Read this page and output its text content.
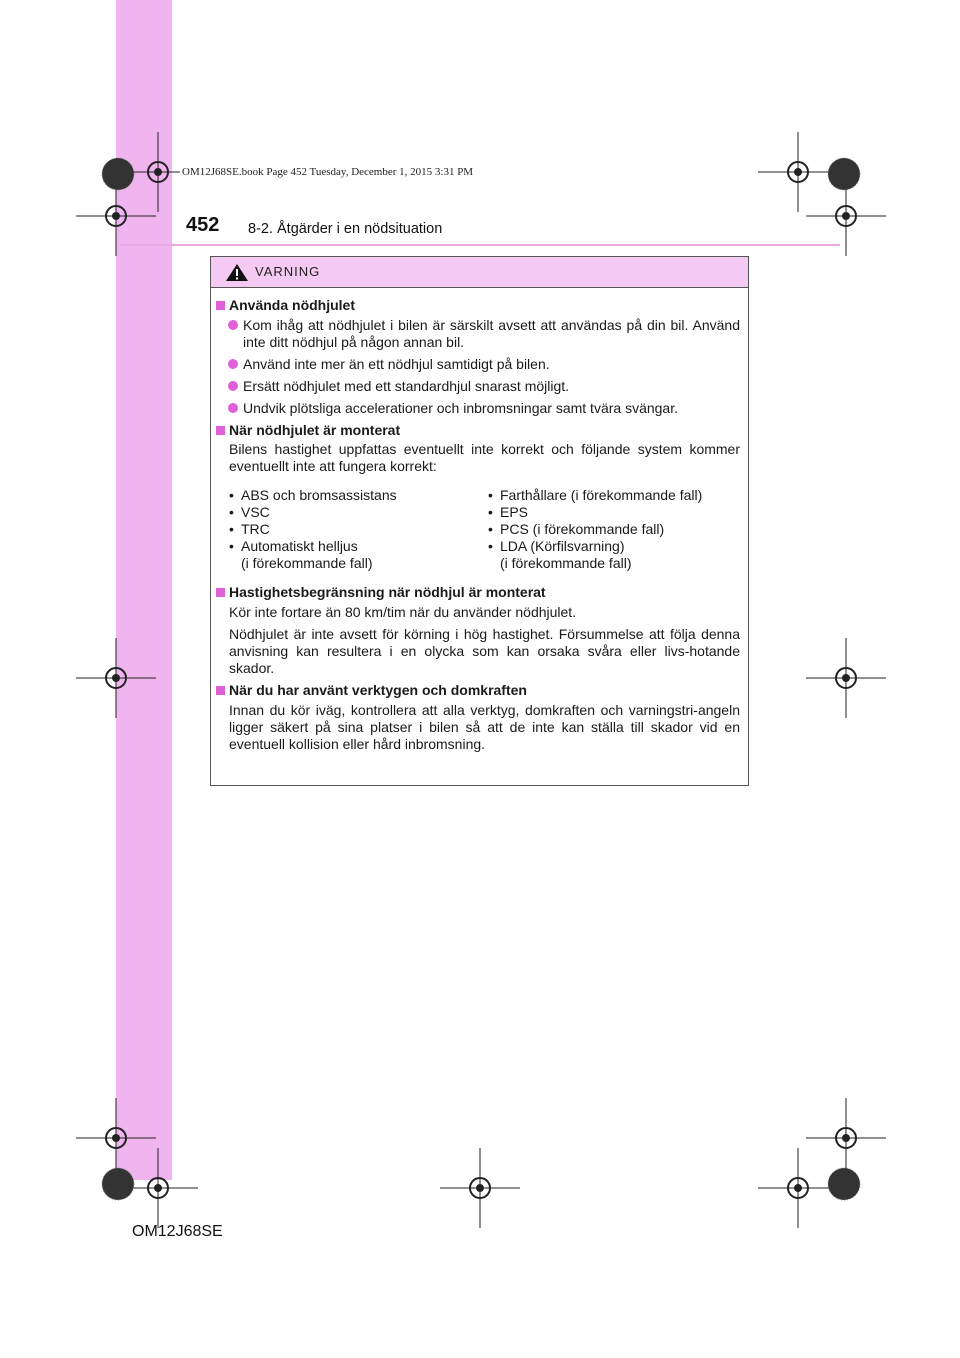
OM12J68SE.book Page 452 Tuesday, December 1, 2015 3:31 PM
452 8-2. Åtgärder i en nödsituation
VARNING
Använda nödhjulet
Kom ihåg att nödhjulet i bilen är särskilt avsett att användas på din bil. Använd inte ditt nödhjul på någon annan bil.
Använd inte mer än ett nödhjul samtidigt på bilen.
Ersätt nödhjulet med ett standardhjul snarast möjligt.
Undvik plötsliga accelerationer och inbromsningar samt tvära svängar.
När nödhjulet är monterat
Bilens hastighet uppfattas eventuellt inte korrekt och följande system kommer eventuellt inte att fungera korrekt:
• ABS och bromsassistans
• VSC
• TRC
• Automatiskt helljus
(i förekommande fall)
• Farthållare (i förekommande fall)
• EPS
• PCS (i förekommande fall)
• LDA (Körfilsvarning)
(i förekommande fall)
Hastighetsbegränsning när nödhjul är monterat
Kör inte fortare än 80 km/tim när du använder nödhjulet.
Nödhjulet är inte avsett för körning i hög hastighet. Försummelse att följa denna anvisning kan resultera i en olycka som kan orsaka svåra eller livs-hotande skador.
När du har använt verktygen och domkraften
Innan du kör iväg, kontrollera att alla verktyg, domkraften och varningstri-angeln ligger säkert på sina platser i bilen så att de inte kan ställa till skador vid en eventuell kollision eller hård inbromsning.
OM12J68SE
